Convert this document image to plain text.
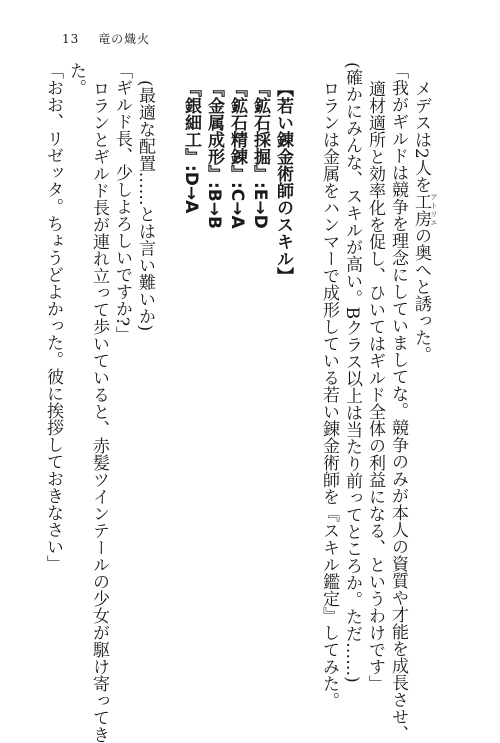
13 竜の熾火
メデスは2人を工房 アトリエの奥へと誘った。
「我がギルドは競争を理念にしていましてな。競争のみが本人の資質や才能を成長させ、
適材適所と効率化を促し、ひいてはギルド全体の利益になる、というわけです」
(確かにみんな、スキルが高い。Bクラス以上は当たり前ってところか。ただ……)
ロランは金属をハンマーで成形している若い錬金術師を『スキル鑑定』してみた。
【若い錬金術師のスキル】
『鉱石採掘』:E→D
『鉱石精錬』:C→A
『金属成形』:B→B
『銀細工』:D→A
(最適な配置……とは言い難いか)
「ギルド長、少しよろしいですか?」
ロランとギルド長が連れ立って歩いていると、赤髪ツインテールの少女が駆け寄ってき
た。
「おお、リゼッタ。ちょうどよかった。彼に挨拶しておきなさい」
